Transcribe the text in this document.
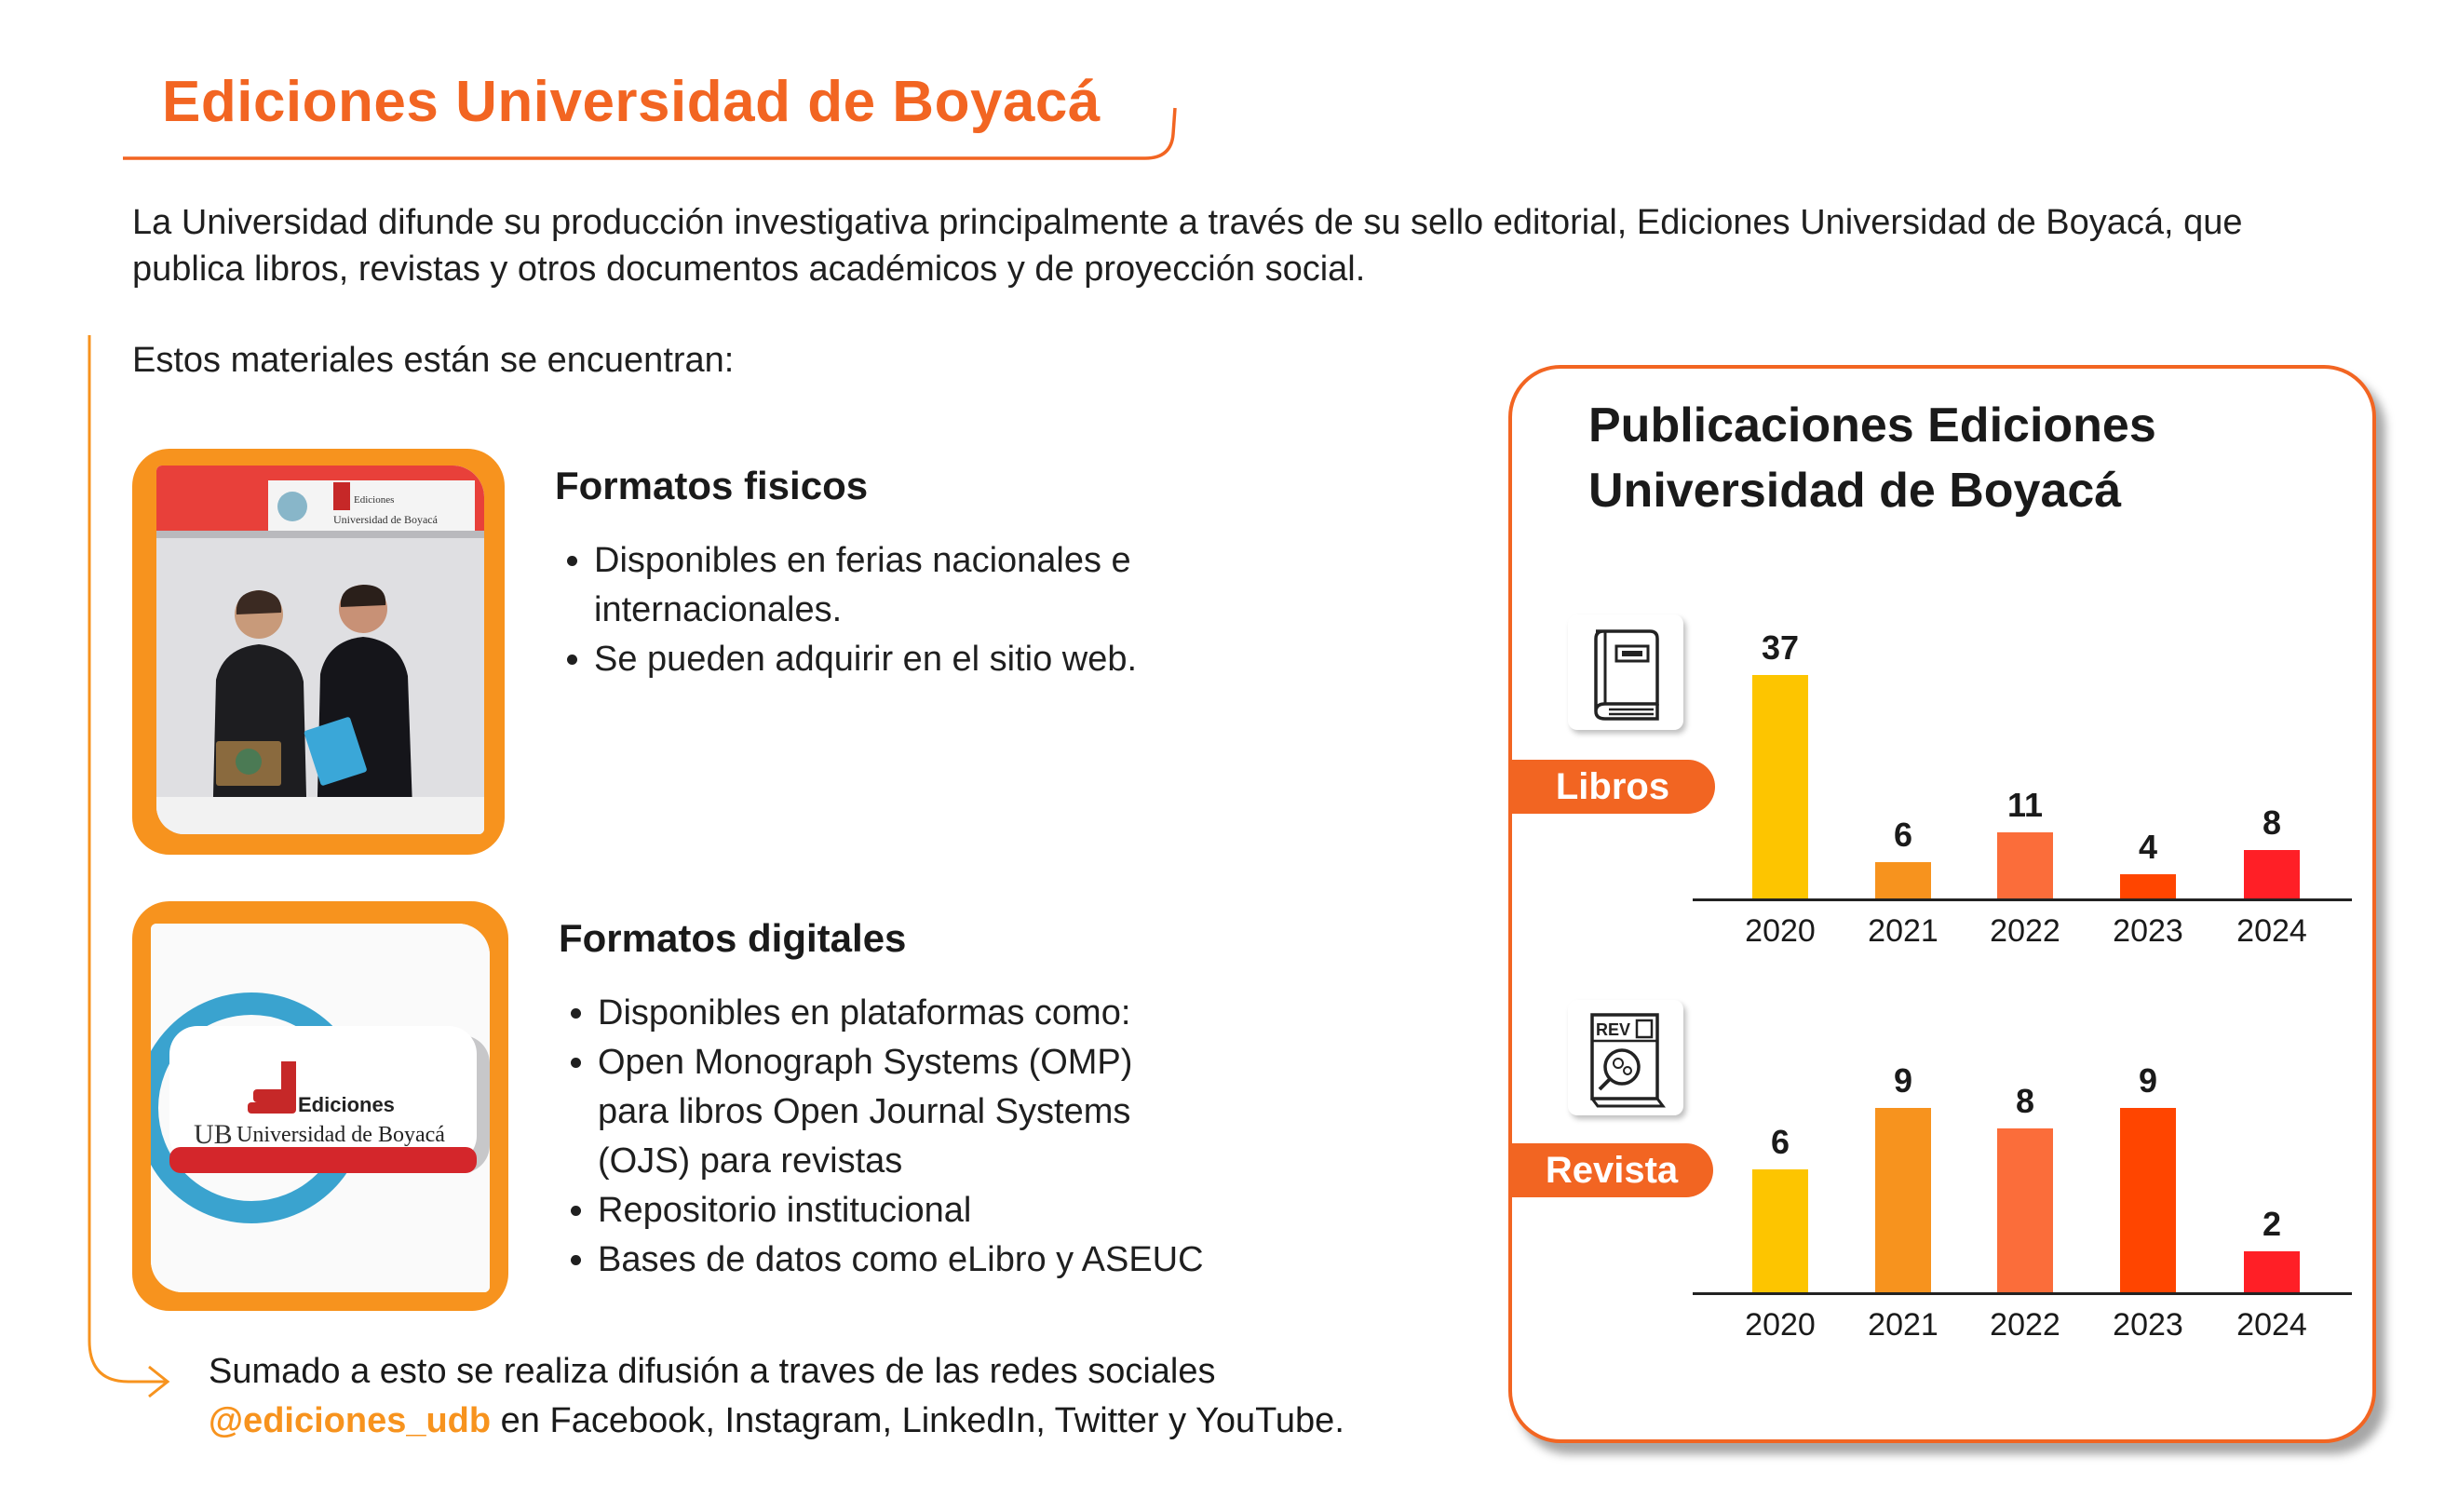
Ediciones Universidad de Boyacá

La Universidad difunde su producción investigativa principalmente a través de su sello editorial, Ediciones Universidad de Boyacá, que publica libros, revistas y otros documentos académicos y de proyección social.

Estos materiales están se encuentran:

Ediciones
Universidad de Boyacá
Formatos fisicos
• Disponibles en ferias nacionales e internacionales.
• Se pueden adquirir en el sitio web.
Ediciones
UB Universidad de Boyacá
Formatos digitales
• Disponibles en plataformas como:
• Open Monograph Systems (OMP) para libros Open Journal Systems (OJS) para revistas
• Repositorio institucional
• Bases de datos como eLibro y ASEUC

Sumado a esto se realiza difusión a traves de las redes sociales
@ediciones_udb en Facebook, Instagram, LinkedIn, Twitter y YouTube.

Publicaciones Ediciones
Universidad de Boyacá

Libros
REV
Revista
37
2020
6
2021
11
2022
4
2023
8
2024
6
2020
9
2021
8
2022
9
2023
2
2024
